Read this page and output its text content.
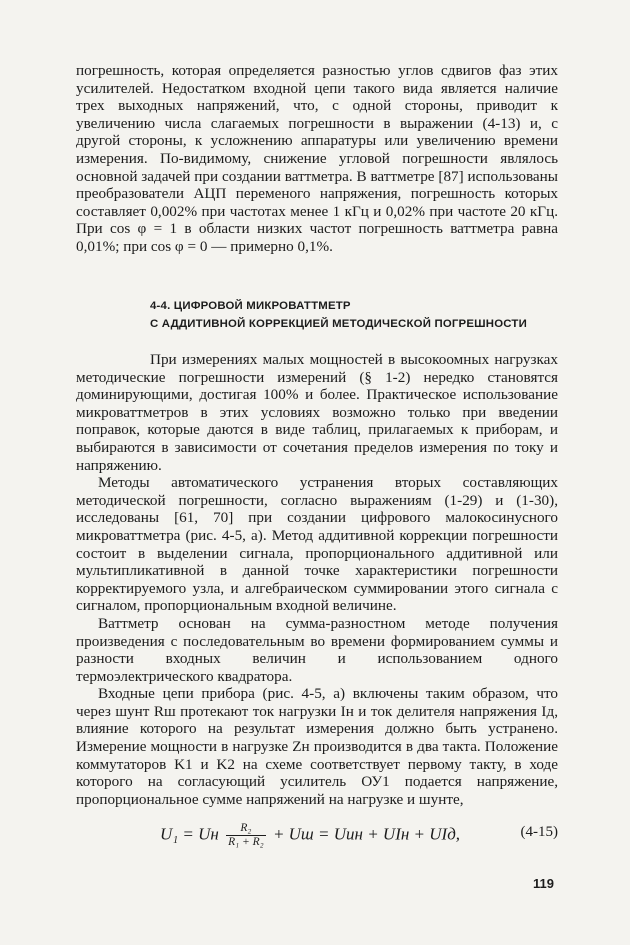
погрешность, которая определяется разностью углов сдвигов фаз этих усилителей. Недостатком входной цепи такого вида является наличие трех выходных напряжений, что, с одной стороны, приводит к увеличению числа слагаемых погрешности в выражении (4-13) и, с другой стороны, к усложнению аппаратуры или увеличению времени измерения. По-видимому, снижение угловой погрешности являлось основной задачей при создании ваттметра. В ваттметре [87] использованы преобразователи АЦП переменого напряжения, погрешность которых составляет 0,002% при частотах менее 1 кГц и 0,02% при частоте 20 кГц. При cos φ = 1 в области низких частот погрешность ваттметра равна 0,01%; при cos φ = 0 — примерно 0,1%.

4-4. ЦИФРОВОЙ МИКРОВАТТМЕТР
С АДДИТИВНОЙ КОРРЕКЦИЕЙ МЕТОДИЧЕСКОЙ ПОГРЕШНОСТИ

При измерениях малых мощностей в высокоомных нагрузках методические погрешности измерений (§ 1-2) нередко становятся доминирующими, достигая 100% и более. Практическое использование микроваттметров в этих условиях возможно только при введении поправок, которые даются в виде таблиц, прилагаемых к приборам, и выбираются в зависимости от сочетания пределов измерения по току и напряжению.

Методы автоматического устранения вторых составляющих методической погрешности, согласно выражениям (1-29) и (1-30), исследованы [61, 70] при создании цифрового малокосинусного микроваттметра (рис. 4-5, а). Метод аддитивной коррекции погрешности состоит в выделении сигнала, пропорционального аддитивной или мультипликативной в данной точке характеристики погрешности корректируемого узла, и алгебраическом суммировании этого сигнала с сигналом, пропорциональным входной величине.

Ваттметр основан на сумма-разностном методе получения произведения с последовательным во времени формированием суммы и разности входных величин и использованием одного термоэлектрического квадратора.

Входные цепи прибора (рис. 4-5, а) включены таким образом, что через шунт Rш протекают ток нагрузки Iн и ток делителя напряжения Iд, влияние которого на результат измерения должно быть устранено. Измерение мощности в нагрузке Zн производится в два такта. Положение коммутаторов K1 и K2 на схеме соответствует первому такту, в ходе которого на согласующий усилитель ОУ1 подается напряжение, пропорциональное сумме напряжений на нагрузке и шунте,

U₁ = Uн $\frac{\text{R₂}}{\text{R₁ + R₂}}$ + Uш = Uин + UIн + UIд,	(4-15)
119
